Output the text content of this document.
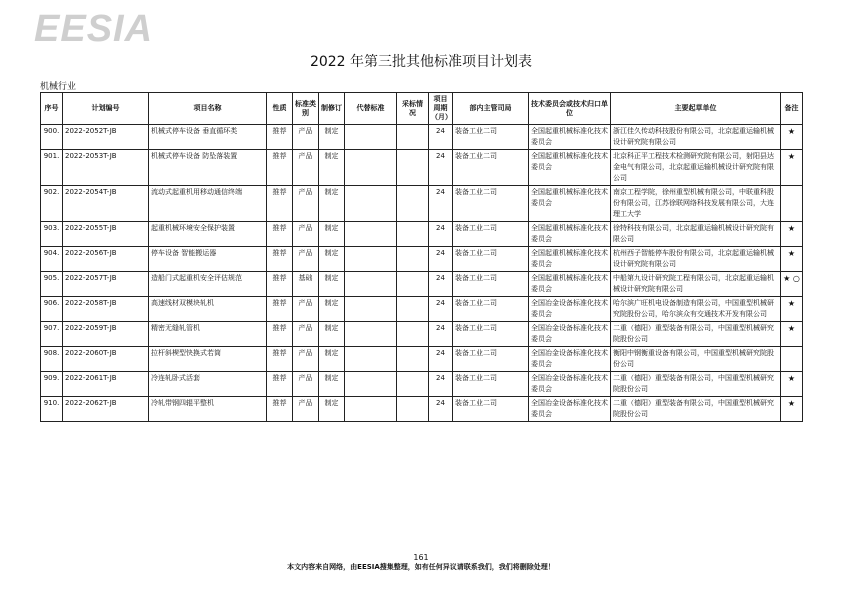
EESIA
2022 年第三批其他标准项目计划表
机械行业
序号	计划编号	项目名称	性质	标准类别	制修订	代替标准	采标情况	项目周期（月）	部内主管司局	技术委员会或技术归口单位	主要起草单位	备注
900.	2022-2052T-JB	机械式停车设备 垂直循环类	推荐	产品	制定			24	装备工业二司	全国起重机械标准化技术委员会	浙江佳久传动科技股份有限公司，北京起重运输机械设计研究院有限公司	★
901.	2022-2053T-JB	机械式停车设备 防坠落装置	推荐	产品	制定			24	装备工业二司	全国起重机械标准化技术委员会	北京科正平工程技术检测研究院有限公司，射阳县达金电气有限公司，北京起重运输机械设计研究院有限公司	★
902.	2022-2054T-JB	流动式起重机用移动通信终端	推荐	产品	制定			24	装备工业二司	全国起重机械标准化技术委员会	南京工程学院，徐州重型机械有限公司，中联重科股份有限公司，江苏徐联网络科技发展有限公司，大连理工大学	
903.	2022-2055T-JB	起重机械环境安全保护装置	推荐	产品	制定			24	装备工业二司	全国起重机械标准化技术委员会	徐特科技有限公司，北京起重运输机械设计研究院有限公司	★
904.	2022-2056T-JB	停车设备 智能搬运器	推荐	产品	制定			24	装备工业二司	全国起重机械标准化技术委员会	杭州西子智能停车股份有限公司，北京起重运输机械设计研究院有限公司	★
905.	2022-2057T-JB	造船门式起重机安全评估规范	推荐	基础	制定			24	装备工业二司	全国起重机械标准化技术委员会	中船第九设计研究院工程有限公司，北京起重运输机械设计研究院有限公司	★ ○
906.	2022-2058T-JB	高速线材双模块轧机	推荐	产品	制定			24	装备工业二司	全国冶金设备标准化技术委员会	哈尔滨广旺机电设备制造有限公司，中国重型机械研究院股份公司，哈尔滨众有交通技术开发有限公司	★
907.	2022-2059T-JB	精密无缝轧管机	推荐	产品	制定			24	装备工业二司	全国冶金设备标准化技术委员会	二重（德阳）重型装备有限公司，中国重型机械研究院股份公司	★
908.	2022-2060T-JB	拉杆斜楔型快换式若筒	推荐	产品	制定			24	装备工业二司	全国冶金设备标准化技术委员会	衡阳中钢衡重设备有限公司，中国重型机械研究院股份公司	
909.	2022-2061T-JB	冷连轧卧式活套	推荐	产品	制定			24	装备工业二司	全国冶金设备标准化技术委员会	二重（德阳）重型装备有限公司，中国重型机械研究院股份公司	★
910.	2022-2062T-JB	冷轧带钢四辊平整机	推荐	产品	制定			24	装备工业二司	全国冶金设备标准化技术委员会	二重（德阳）重型装备有限公司，中国重型机械研究院股份公司	★
161
本文内容来自网络，由EESIA搜集整理，如有任何异议请联系我们，我们将删除处理！
